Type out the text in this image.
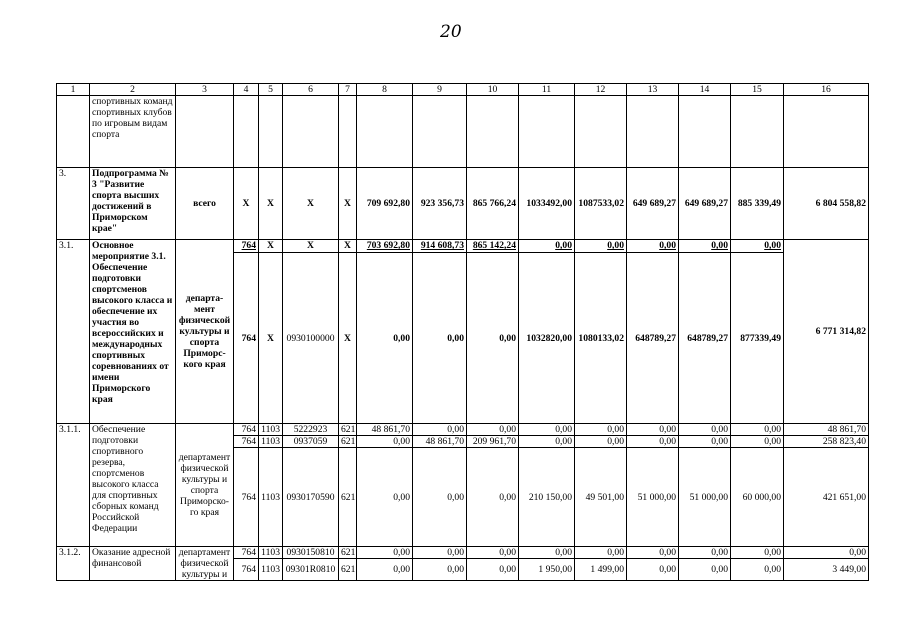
20
1	2	3	4	5	6	7	8	9	10	11	12	13	14	15	16
	спортивных команд спортивных клубов по игровым видам спорта														
3.	Подпрограмма № 3 "Развитие спорта высших достижений в Приморском крае"	всего	Х	Х	Х	Х	709 692,80	923 356,73	865 766,24	1033492,00	1087533,02	649 689,27	649 689,27	885 339,49	6 804 558,82
3.1.	Основное мероприятие 3.1. Обеспечение подготовки спортсменов высокого класса и обеспечение их участия во всероссийских и международных спортивных соревнованиях от имени Приморского края	департа-мент физической культуры и спорта Приморс-кого края	764	Х	Х	Х	703 692,80	914 608,73	865 142,24	0,00	0,00	0,00	0,00	0,00	6 771 314,82
			764	Х	0930100000	Х	0,00	0,00	0,00	1032820,00	1080133,02	648789,27	648789,27	877339,49	
3.1.1.	Обеспечение подготовки спортивного резерва, спортсменов высокого класса для спортивных сборных команд Российской Федерации	департамент физической культуры и спорта Приморско-го края	764	1103	5222923	621	48 861,70	0,00	0,00	0,00	0,00	0,00	0,00	0,00	48 861,70
			764	1103	0937059	621	0,00	48 861,70	209 961,70	0,00	0,00	0,00	0,00	0,00	258 823,40
			764	1103	0930170590	621	0,00	0,00	0,00	210 150,00	49 501,00	51 000,00	51 000,00	60 000,00	421 651,00
3.1.2.	Оказание адресной финансовой	департамент физической культуры и	764	1103	0930150810	621	0,00	0,00	0,00	0,00	0,00	0,00	0,00	0,00	0,00
			764	1103	09301R0810	621	0,00	0,00	0,00	1 950,00	1 499,00	0,00	0,00	0,00	3 449,00
